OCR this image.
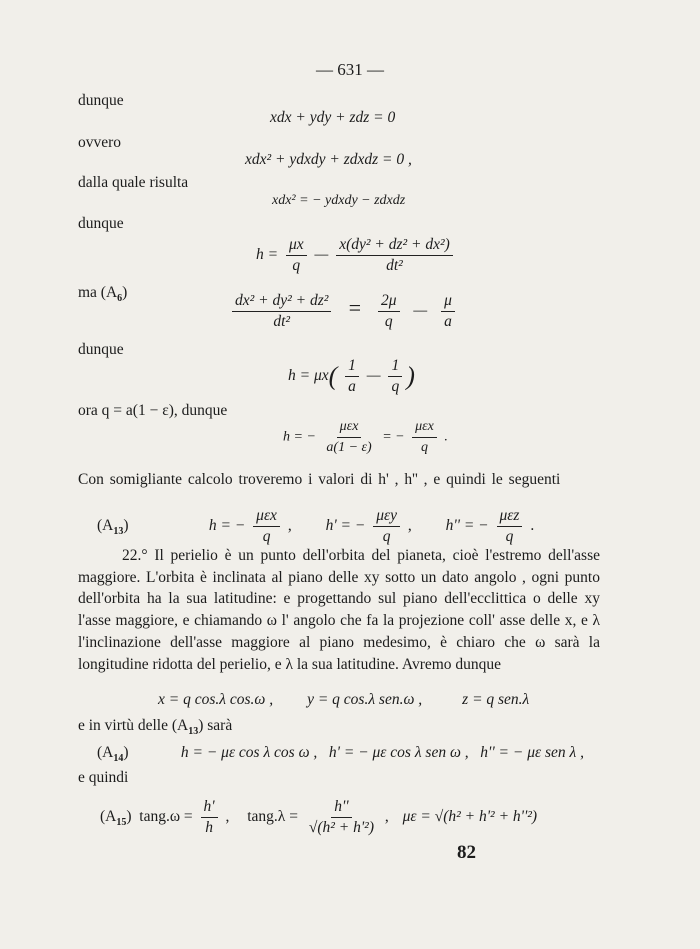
— 631 —
dunque
xdx + ydy + zdz = 0
ovvero
xdx² + ydxdy + zdxdz = 0 ,
dalla quale risulta
xdx² = − ydxdy − zdxdz
dunque
$h = \frac{\mu x}{q}$ — $\frac{\text{x(dy² + dz² + dx²)}}{\text{dt²}}$
ma $(A_6)$	$\frac{\text{dx² + dy² + dz²}}{\text{dt²}} = \frac{2\mu}{q}$ — $\frac{\mu}{a}$
dunque
$h = \mu x( \frac{1}{a}$ — $\frac{1}{q}$ )
ora q = a(1 − ε), dunque
h = − $\frac{\text{μεx}}{a(1 - \varepsilon)}$ = − $\frac{\text{μεx}}{q}$ .
Con somigliante calcolo troveremo i valori di h' , h'' , e quindi le seguenti
$(A_{13})$	h = − $\frac{\text{μεx}}{q}$ , h' = − $\frac{\text{μεy}}{q}$ , h'' = − $\frac{\text{μεz}}{q}$ .

22.° Il perielio è un punto dell'orbita del pianeta, cioè l'estremo dell'asse maggiore. L'orbita è inclinata al piano delle xy sotto un dato angolo , ogni punto dell'orbita ha la sua latitudine: e progettando sul piano dell'ecclittica o delle xy l'asse maggiore, e chiamando ω l' angolo che fa la projezione coll' asse delle x, e λ l'inclinazione dell'asse maggiore al piano medesimo, è chiaro che ω sarà la longitudine ridotta del perielio, e λ la sua latitudine. Avremo dunque

x = q cos.λ cos.ω , y = q cos.λ sen.ω ,	z = q sen.λ
e in virtù delle $(A_{13})$ sarà
$(A_{14})$	h = − με cos λ cos ω , h' = − με cos λ sen ω , h'' = − με sen λ ,
e quindi
$(A_{15}) \tan g.\omega = \frac{h'}{h}$ , $\tan g.\lambda = \frac{h''}{\text{√(h² + h'²)}}$ , με = √(h² + h'² + h''²)
82
